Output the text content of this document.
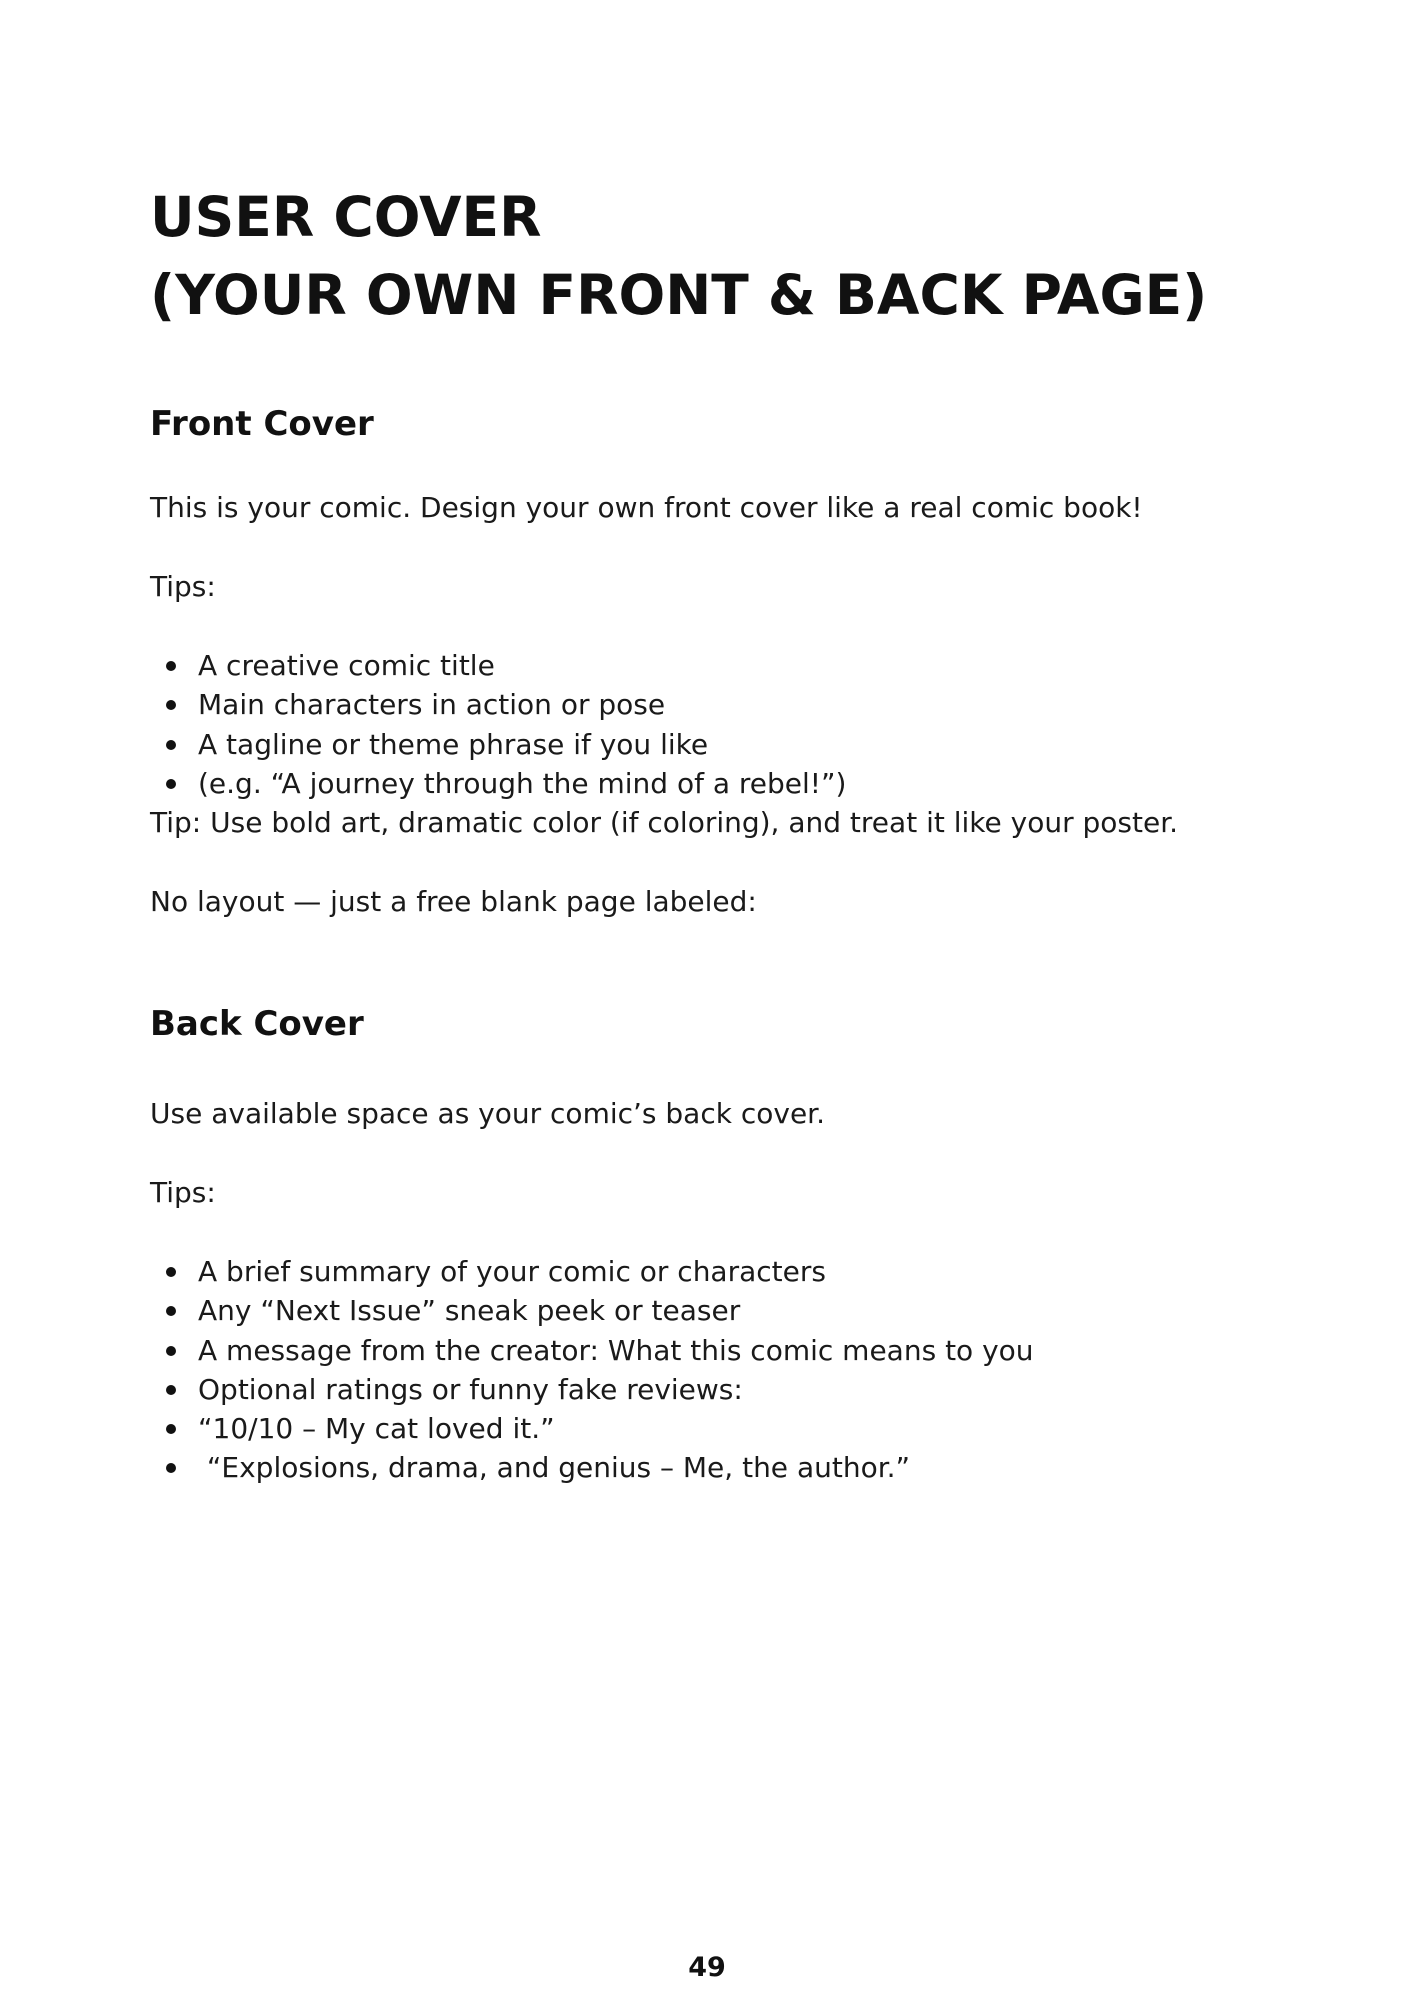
USER COVER
(YOUR OWN FRONT & BACK PAGE)
Front Cover

This is your comic. Design your own front cover like a real comic book!

Tips:

A creative comic title
Main characters in action or pose
A tagline or theme phrase if you like
(e.g. “A journey through the mind of a rebel!”)

Tip: Use bold art, dramatic color (if coloring), and treat it like your poster.

No layout — just a free blank page labeled:

Back Cover

Use available space as your comic’s back cover.

Tips:

A brief summary of your comic or characters
Any “Next Issue” sneak peek or teaser
A message from the creator: What this comic means to you
Optional ratings or funny fake reviews:
“10/10 – My cat loved it.”
“Explosions, drama, and genius – Me, the author.”
49
